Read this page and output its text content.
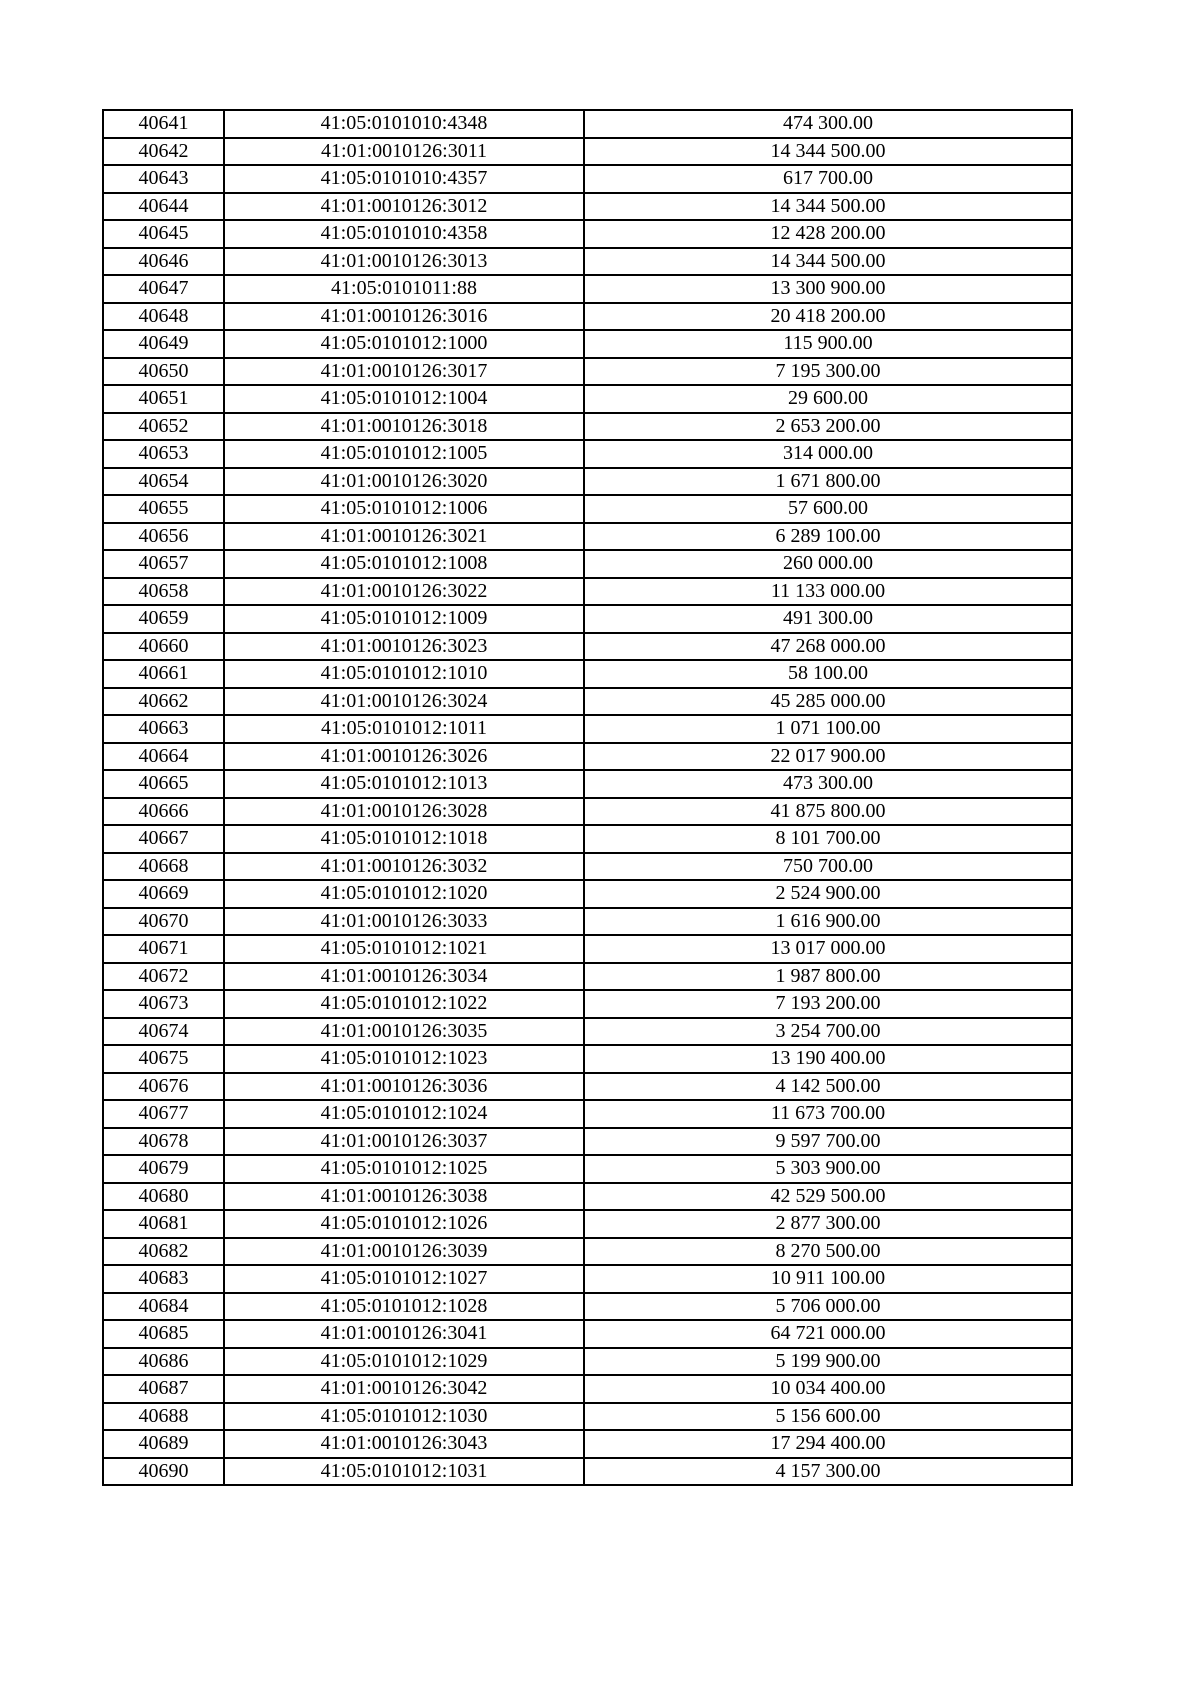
40641	41:05:0101010:4348	474 300.00
40642	41:01:0010126:3011	14 344 500.00
40643	41:05:0101010:4357	617 700.00
40644	41:01:0010126:3012	14 344 500.00
40645	41:05:0101010:4358	12 428 200.00
40646	41:01:0010126:3013	14 344 500.00
40647	41:05:0101011:88	13 300 900.00
40648	41:01:0010126:3016	20 418 200.00
40649	41:05:0101012:1000	115 900.00
40650	41:01:0010126:3017	7 195 300.00
40651	41:05:0101012:1004	29 600.00
40652	41:01:0010126:3018	2 653 200.00
40653	41:05:0101012:1005	314 000.00
40654	41:01:0010126:3020	1 671 800.00
40655	41:05:0101012:1006	57 600.00
40656	41:01:0010126:3021	6 289 100.00
40657	41:05:0101012:1008	260 000.00
40658	41:01:0010126:3022	11 133 000.00
40659	41:05:0101012:1009	491 300.00
40660	41:01:0010126:3023	47 268 000.00
40661	41:05:0101012:1010	58 100.00
40662	41:01:0010126:3024	45 285 000.00
40663	41:05:0101012:1011	1 071 100.00
40664	41:01:0010126:3026	22 017 900.00
40665	41:05:0101012:1013	473 300.00
40666	41:01:0010126:3028	41 875 800.00
40667	41:05:0101012:1018	8 101 700.00
40668	41:01:0010126:3032	750 700.00
40669	41:05:0101012:1020	2 524 900.00
40670	41:01:0010126:3033	1 616 900.00
40671	41:05:0101012:1021	13 017 000.00
40672	41:01:0010126:3034	1 987 800.00
40673	41:05:0101012:1022	7 193 200.00
40674	41:01:0010126:3035	3 254 700.00
40675	41:05:0101012:1023	13 190 400.00
40676	41:01:0010126:3036	4 142 500.00
40677	41:05:0101012:1024	11 673 700.00
40678	41:01:0010126:3037	9 597 700.00
40679	41:05:0101012:1025	5 303 900.00
40680	41:01:0010126:3038	42 529 500.00
40681	41:05:0101012:1026	2 877 300.00
40682	41:01:0010126:3039	8 270 500.00
40683	41:05:0101012:1027	10 911 100.00
40684	41:05:0101012:1028	5 706 000.00
40685	41:01:0010126:3041	64 721 000.00
40686	41:05:0101012:1029	5 199 900.00
40687	41:01:0010126:3042	10 034 400.00
40688	41:05:0101012:1030	5 156 600.00
40689	41:01:0010126:3043	17 294 400.00
40690	41:05:0101012:1031	4 157 300.00
